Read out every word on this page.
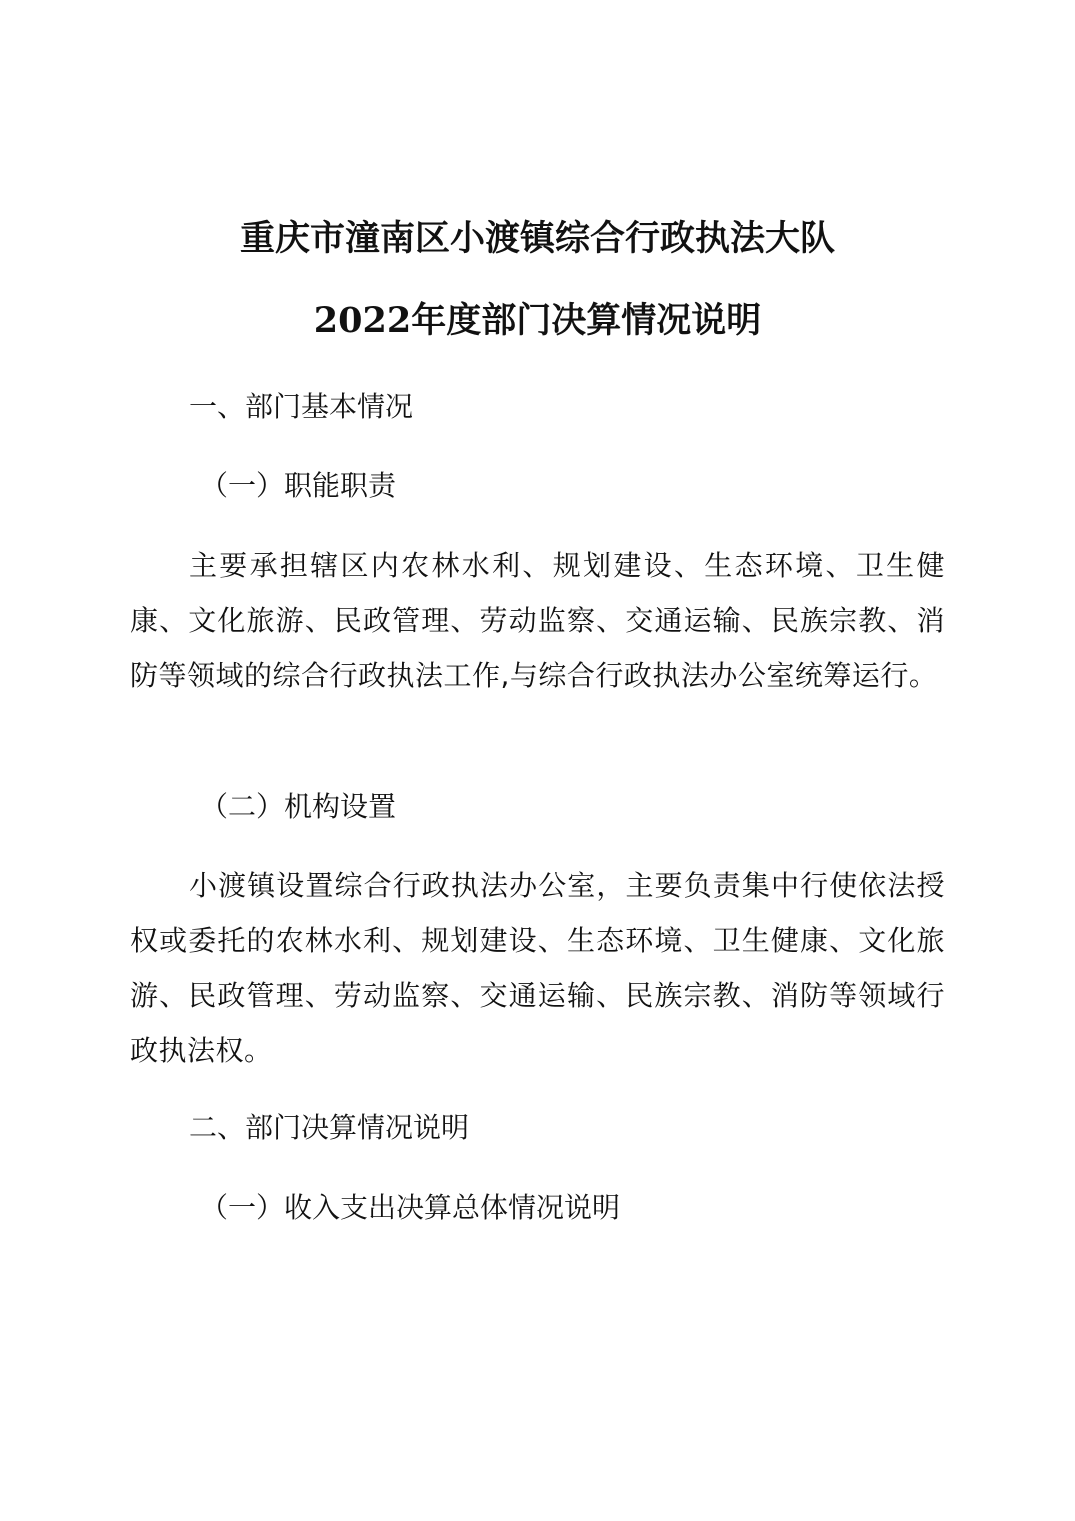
重庆市潼南区小渡镇综合行政执法大队
2022年度部门决算情况说明
一、部门基本情况
（一）职能职责

主要承担辖区内农林水利、规划建设、生态环境、卫生健康、文化旅游、民政管理、劳动监察、交通运输、民族宗教、消防等领域的综合行政执法工作,与综合行政执法办公室统筹运行。

（二）机构设置

小渡镇设置综合行政执法办公室，主要负责集中行使依法授权或委托的农林水利、规划建设、生态环境、卫生健康、文化旅游、民政管理、劳动监察、交通运输、民族宗教、消防等领域行政执法权。

二、部门决算情况说明
（一）收入支出决算总体情况说明
